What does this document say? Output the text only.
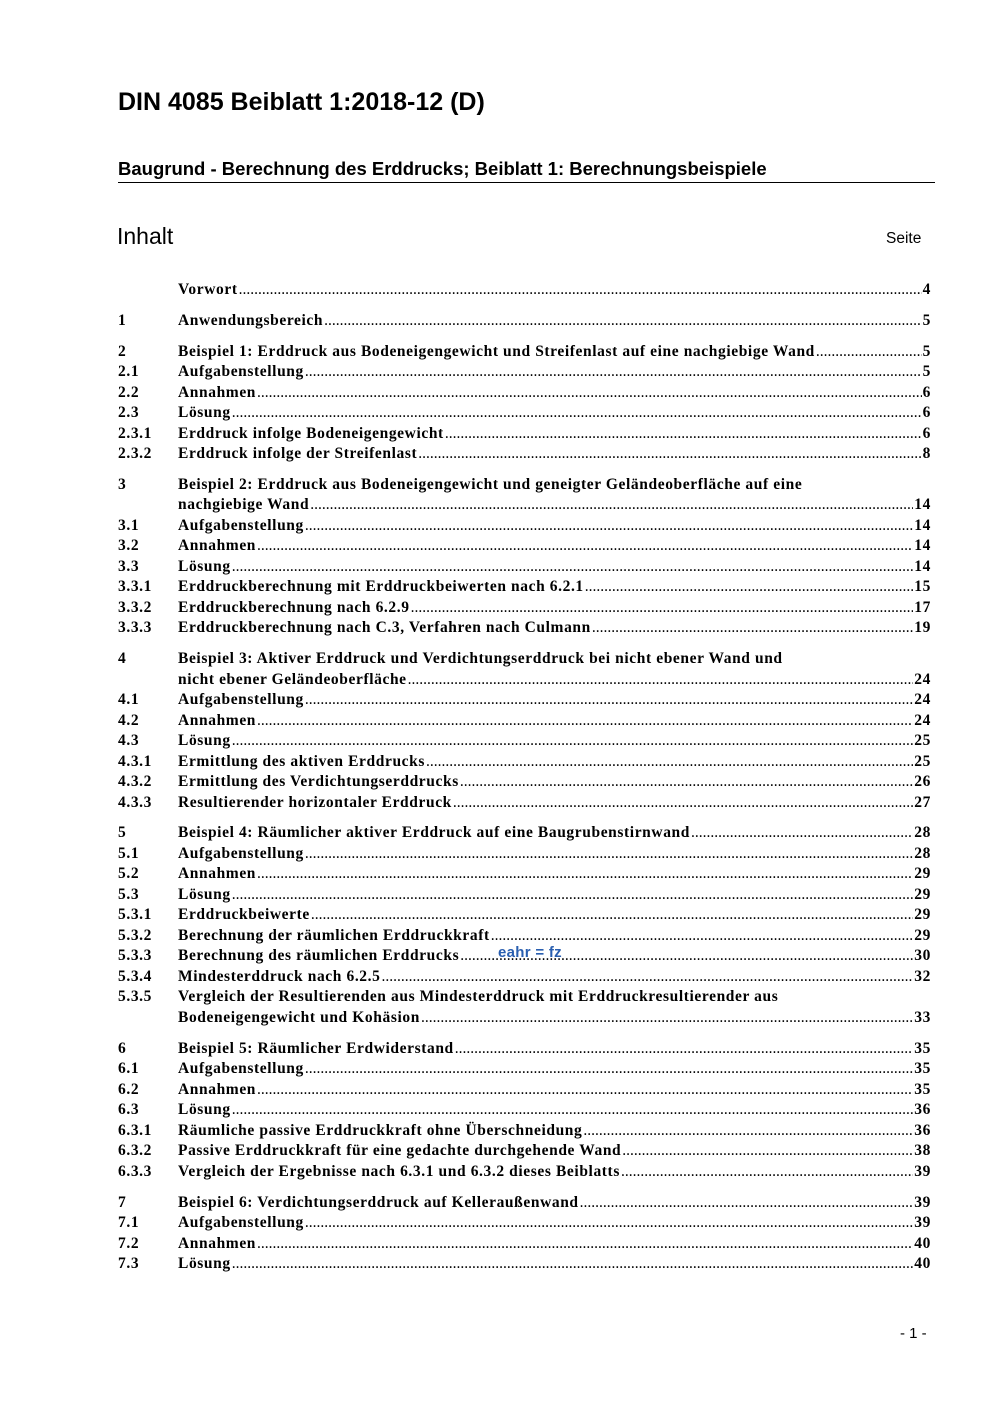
DIN 4085 Beiblatt 1:2018-12 (D)
Baugrund - Berechnung des Erddrucks; Beiblatt 1: Berechnungsbeispiele
Inhalt	Seite
Vorwort .....	4
1	Anwendungsbereich .....	5
2	Beispiel 1: Erddruck aus Bodeneigengewicht und Streifenlast auf eine nachgiebige Wand .....	5
2.1	Aufgabenstellung .....	5
2.2	Annahmen .....	6
2.3	Lösung .....	6
2.3.1	Erddruck infolge Bodeneigengewicht .....	6
2.3.2	Erddruck infolge der Streifenlast .....	8
3	Beispiel 2: Erddruck aus Bodeneigengewicht und geneigter Geländeoberfläche auf eine
nachgiebige Wand .....	14
3.1	Aufgabenstellung .....	14
3.2	Annahmen .....	14
3.3	Lösung .....	14
3.3.1	Erddruckberechnung mit Erddruckbeiwerten nach 6.2.1 .....	15
3.3.2	Erddruckberechnung nach 6.2.9 .....	17
3.3.3	Erddruckberechnung nach C.3, Verfahren nach Culmann .....	19
4	Beispiel 3: Aktiver Erddruck und Verdichtungserddruck bei nicht ebener Wand und
nicht ebener Geländeoberfläche .....	24
4.1	Aufgabenstellung .....	24
4.2	Annahmen .....	24
4.3	Lösung .....	25
4.3.1	Ermittlung des aktiven Erddrucks .....	25
4.3.2	Ermittlung des Verdichtungserddrucks .....	26
4.3.3	Resultierender horizontaler Erddruck .....	27
5	Beispiel 4: Räumlicher aktiver Erddruck auf eine Baugrubenstirnwand .....	28
5.1	Aufgabenstellung .....	28
5.2	Annahmen .....	29
5.3	Lösung .....	29
5.3.1	Erddruckbeiwerte .....	29
5.3.2	Berechnung der räumlichen Erddruckkraft .....	29
5.3.3	Berechnung des räumlichen Erddrucks .....	30
5.3.4	Mindesterddruck nach 6.2.5 .....	32
5.3.5	Vergleich der Resultierenden aus Mindesterddruck mit Erddruckresultierender aus
Bodeneigengewicht und Kohäsion .....	33
6	Beispiel 5: Räumlicher Erdwiderstand .....	35
6.1	Aufgabenstellung .....	35
6.2	Annahmen .....	35
6.3	Lösung .....	36
6.3.1	Räumliche passive Erddruckkraft ohne Überschneidung .....	36
6.3.2	Passive Erddruckkraft für eine gedachte durchgehende Wand .....	38
6.3.3	Vergleich der Ergebnisse nach 6.3.1 und 6.3.2 dieses Beiblatts .....	39
7	Beispiel 6: Verdichtungserddruck auf Kelleraußenwand .....	39
7.1	Aufgabenstellung .....	39
7.2	Annahmen .....	40
7.3	Lösung .....	40
eahr = fz
- 1 -
